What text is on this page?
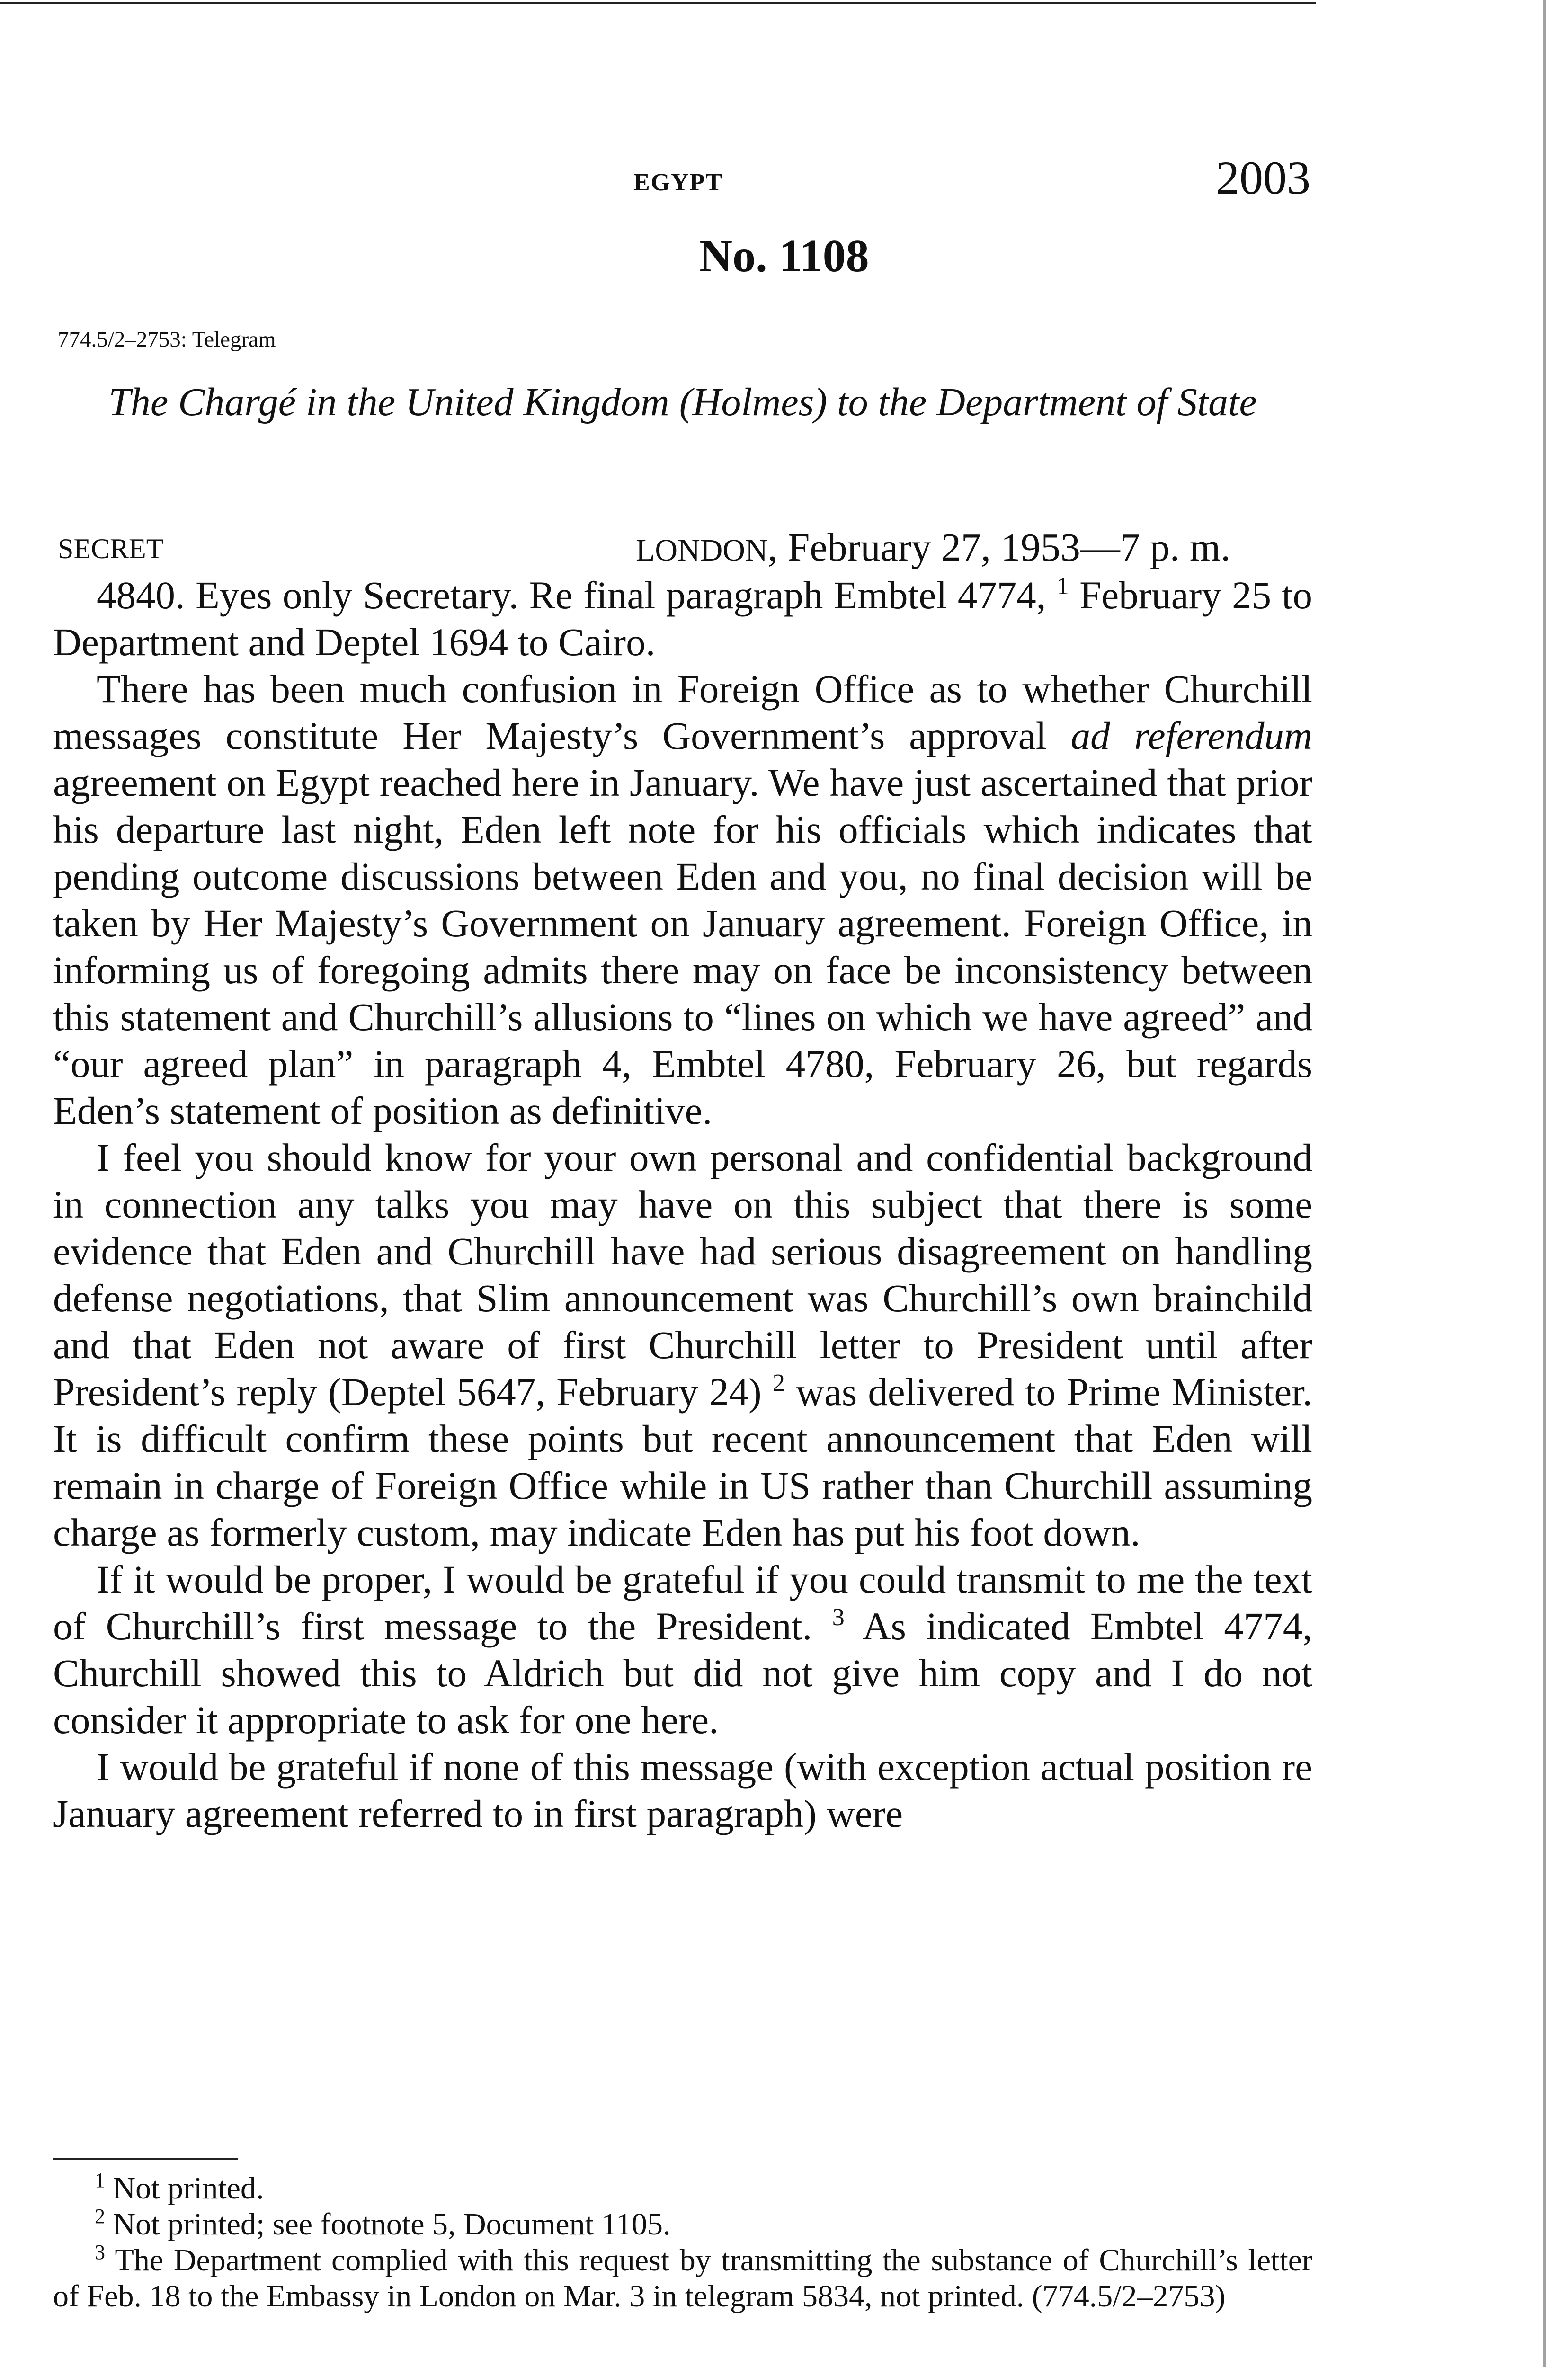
EGYPT	2003
No. 1108
774.5/2–2753: Telegram
The Chargé in the United Kingdom (Holmes) to the Department of State
SECRET	LONDON, February 27, 1953—7 p. m.

4840. Eyes only Secretary. Re final paragraph Embtel 4774, $^1$ February 25 to Department and Deptel 1694 to Cairo.

There has been much confusion in Foreign Office as to whether Churchill messages constitute Her Majesty’s Government’s approval ad referendum agreement on Egypt reached here in January. We have just ascertained that prior his departure last night, Eden left note for his officials which indicates that pending outcome discussions between Eden and you, no final decision will be taken by Her Majesty’s Government on January agreement. Foreign Office, in informing us of foregoing admits there may on face be inconsistency between this statement and Churchill’s allusions to “lines on which we have agreed” and “our agreed plan” in paragraph 4, Embtel 4780, February 26, but regards Eden’s statement of position as definitive.

I feel you should know for your own personal and confidential background in connection any talks you may have on this subject that there is some evidence that Eden and Churchill have had serious disagreement on handling defense negotiations, that Slim announcement was Churchill’s own brainchild and that Eden not aware of first Churchill letter to President until after President’s reply (Deptel 5647, February 24) $^2$ was delivered to Prime Minister. It is difficult confirm these points but recent announcement that Eden will remain in charge of Foreign Office while in US rather than Churchill assuming charge as formerly custom, may indicate Eden has put his foot down.

If it would be proper, I would be grateful if you could transmit to me the text of Churchill’s first message to the President. $^3$ As indicated Embtel 4774, Churchill showed this to Aldrich but did not give him copy and I do not consider it appropriate to ask for one here.

I would be grateful if none of this message (with exception actual position re January agreement referred to in first paragraph) were

$^1$ Not printed.

$^2$ Not printed; see footnote 5, Document 1105.

$^3$ The Department complied with this request by transmitting the substance of Churchill’s letter of Feb. 18 to the Embassy in London on Mar. 3 in telegram 5834, not printed. (774.5/2–2753)
